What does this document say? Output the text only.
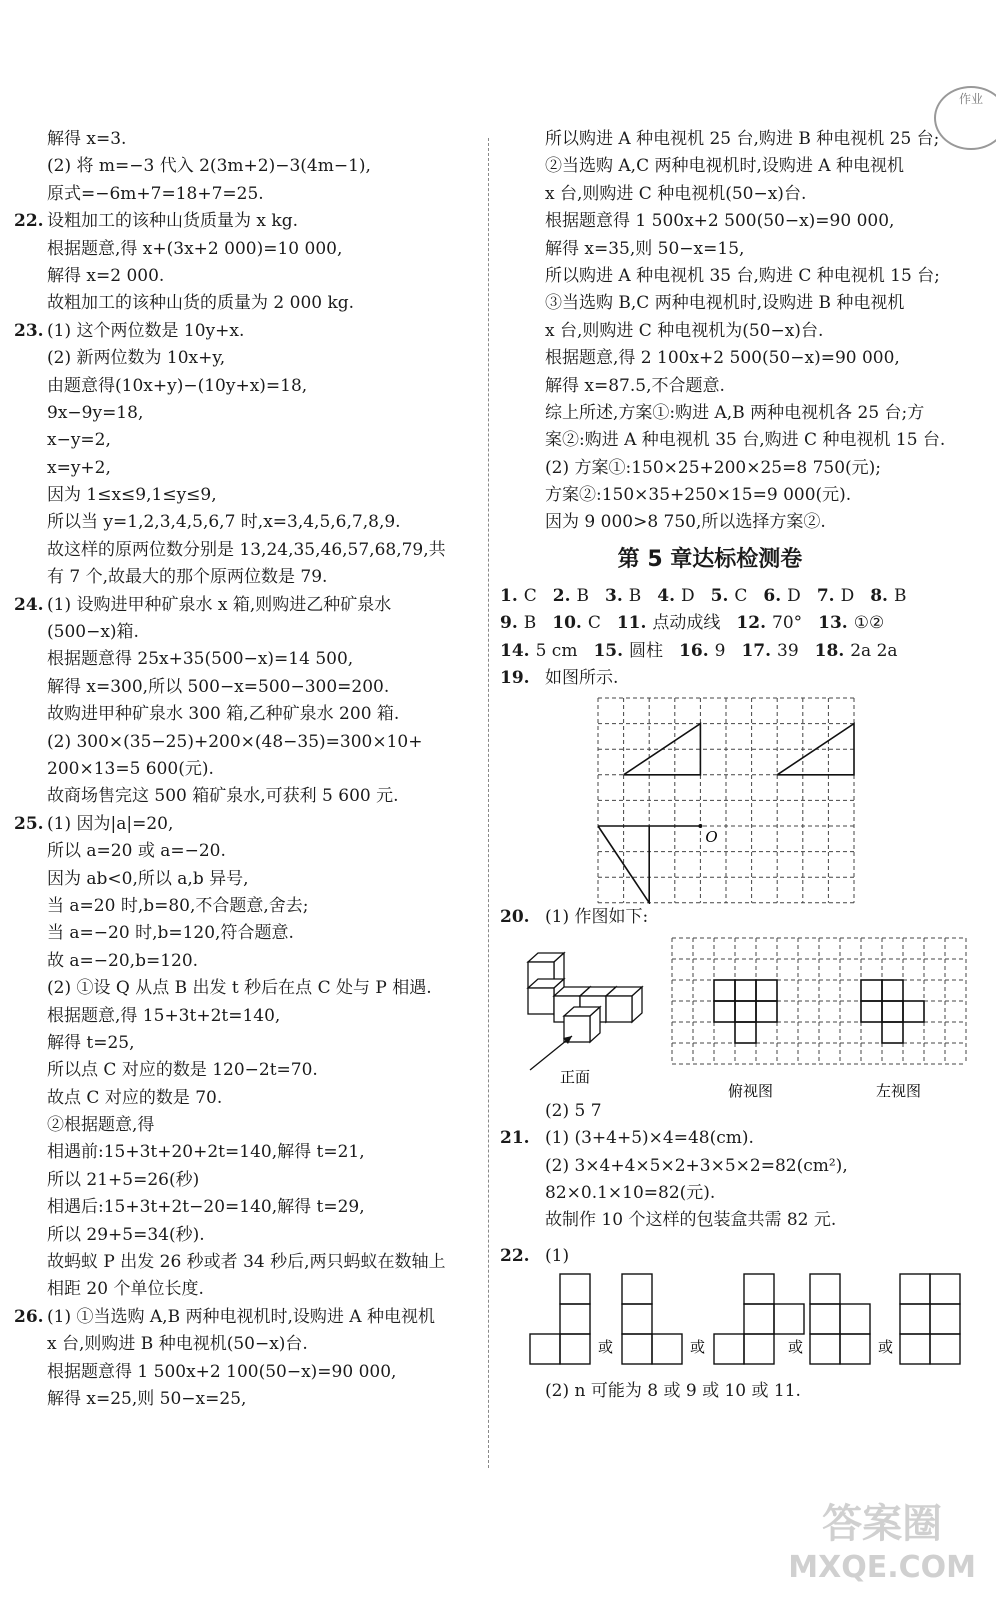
作业
解得 x=3.
(2) 将 m=−3 代入 2(3m+2)−3(4m−1),
原式=−6m+7=18+7=25.
22. 设粗加工的该种山货质量为 x kg.
根据题意,得 x+(3x+2 000)=10 000,
解得 x=2 000.
故粗加工的该种山货的质量为 2 000 kg.
23. (1) 这个两位数是 10y+x.
(2) 新两位数为 10x+y,
由题意得(10x+y)−(10y+x)=18,
9x−9y=18,
x−y=2,
x=y+2,
因为 1≤x≤9,1≤y≤9,
所以当 y=1,2,3,4,5,6,7 时,x=3,4,5,6,7,8,9.
故这样的原两位数分别是 13,24,35,46,57,68,79,共
有 7 个,故最大的那个原两位数是 79.
24. (1) 设购进甲种矿泉水 x 箱,则购进乙种矿泉水
(500−x)箱.
根据题意得 25x+35(500−x)=14 500,
解得 x=300,所以 500−x=500−300=200.
故购进甲种矿泉水 300 箱,乙种矿泉水 200 箱.
(2) 300×(35−25)+200×(48−35)=300×10+
200×13=5 600(元).
故商场售完这 500 箱矿泉水,可获利 5 600 元.
25. (1) 因为|a|=20,
所以 a=20 或 a=−20.
因为 ab<0,所以 a,b 异号,
当 a=20 时,b=80,不合题意,舍去;
当 a=−20 时,b=120,符合题意.
故 a=−20,b=120.
(2) ①设 Q 从点 B 出发 t 秒后在点 C 处与 P 相遇.
根据题意,得 15+3t+2t=140,
解得 t=25,
所以点 C 对应的数是 120−2t=70.
故点 C 对应的数是 70.
②根据题意,得
相遇前:15+3t+20+2t=140,解得 t=21,
所以 21+5=26(秒)
相遇后:15+3t+2t−20=140,解得 t=29,
所以 29+5=34(秒).
故蚂蚁 P 出发 26 秒或者 34 秒后,两只蚂蚁在数轴上
相距 20 个单位长度.
26. (1) ①当选购 A,B 两种电视机时,设购进 A 种电视机
x 台,则购进 B 种电视机(50−x)台.
根据题意得 1 500x+2 100(50−x)=90 000,
解得 x=25,则 50−x=25,
所以购进 A 种电视机 25 台,购进 B 种电视机 25 台;
②当选购 A,C 两种电视机时,设购进 A 种电视机
x 台,则购进 C 种电视机(50−x)台.
根据题意得 1 500x+2 500(50−x)=90 000,
解得 x=35,则 50−x=15,
所以购进 A 种电视机 35 台,购进 C 种电视机 15 台;
③当选购 B,C 两种电视机时,设购进 B 种电视机
x 台,则购进 C 种电视机为(50−x)台.
根据题意,得 2 100x+2 500(50−x)=90 000,
解得 x=87.5,不合题意.
综上所述,方案①:购进 A,B 两种电视机各 25 台;方
案②:购进 A 种电视机 35 台,购进 C 种电视机 15 台.
(2) 方案①:150×25+200×25=8 750(元);
方案②:150×35+250×15=9 000(元).
因为 9 000>8 750,所以选择方案②.
第 5 章达标检测卷
1. C 2. B 3. B 4. D 5. C 6. D 7. D 8. B
9. B 10. C 11. 点动成线 12. 70° 13. ①②
14. 5 cm 15. 圆柱 16. 9 17. 39 18. 2a 2a
19. 如图所示.
O
20. (1) 作图如下:
正面
俯视图	左视图
(2) 5 7
21. (1) (3+4+5)×4=48(cm).
(2) 3×4+4×5×2+3×5×2=82(cm²),
82×0.1×10=82(元).
故制作 10 个这样的包装盒共需 82 元.
22. (1)
或	或	或	或
(2) n 可能为 8 或 9 或 10 或 11.
答案圈
MXQE.COM
